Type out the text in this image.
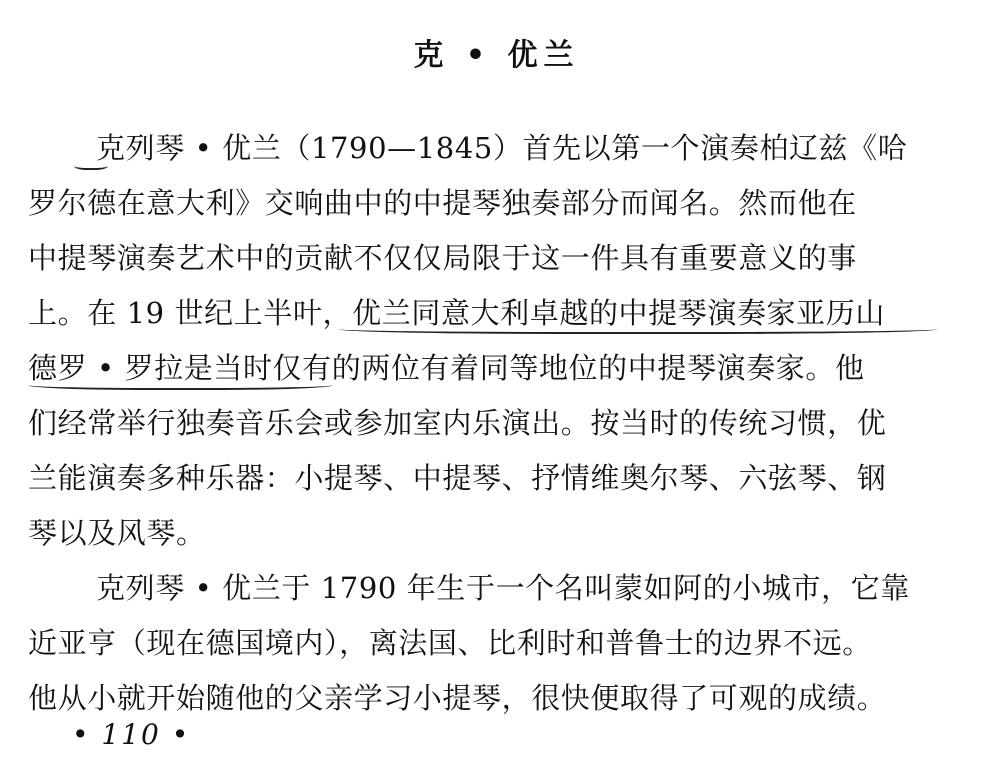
克 • 优兰
克列琴 • 优兰（1790—1845）首先以第一个演奏柏辽兹《哈
罗尔德在意大利》交响曲中的中提琴独奏部分而闻名。然而他在
中提琴演奏艺术中的贡献不仅仅局限于这一件具有重要意义的事
上。在 19 世纪上半叶，优兰同意大利卓越的中提琴演奏家亚历山
德罗 • 罗拉是当时仅有的两位有着同等地位的中提琴演奏家。他
们经常举行独奏音乐会或参加室内乐演出。按当时的传统习惯，优
兰能演奏多种乐器：小提琴、中提琴、抒情维奥尔琴、六弦琴、钢
琴以及风琴。
克列琴 • 优兰于 1790 年生于一个名叫蒙如阿的小城市，它靠
近亚亨（现在德国境内），离法国、比利时和普鲁士的边界不远。
他从小就开始随他的父亲学习小提琴，很快便取得了可观的成绩。
• 110 •
